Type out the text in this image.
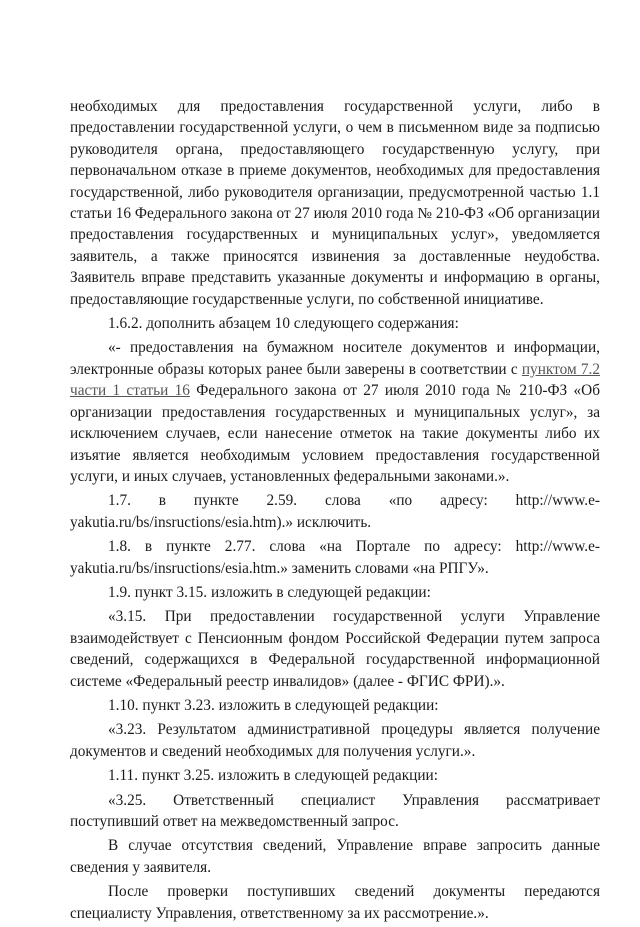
необходимых для предоставления государственной услуги, либо в предоставлении государственной услуги, о чем в письменном виде за подписью руководителя органа, предоставляющего государственную услугу, при первоначальном отказе в приеме документов, необходимых для предоставления государственной, либо руководителя организации, предусмотренной частью 1.1 статьи 16 Федерального закона от 27 июля 2010 года № 210-ФЗ «Об организации предоставления государственных и муниципальных услуг», уведомляется заявитель, а также приносятся извинения за доставленные неудобства. Заявитель вправе представить указанные документы и информацию в органы, предоставляющие государственные услуги, по собственной инициативе.

1.6.2. дополнить абзацем 10 следующего содержания:

«- предоставления на бумажном носителе документов и информации, электронные образы которых ранее были заверены в соответствии с пунктом 7.2 части 1 статьи 16 Федерального закона от 27 июля 2010 года № 210-ФЗ «Об организации предоставления государственных и муниципальных услуг», за исключением случаев, если нанесение отметок на такие документы либо их изъятие является необходимым условием предоставления государственной услуги, и иных случаев, установленных федеральными законами.».

1.7. в пункте 2.59. слова «по адресу: http://www.e-yakutia.ru/bs/insructions/esia.htm).» исключить.

1.8. в пункте 2.77. слова «на Портале по адресу: http://www.e-yakutia.ru/bs/insructions/esia.htm.» заменить словами «на РПГУ».

1.9. пункт 3.15. изложить в следующей редакции:

«3.15. При предоставлении государственной услуги Управление взаимодействует с Пенсионным фондом Российской Федерации путем запроса сведений, содержащихся в Федеральной государственной информационной системе «Федеральный реестр инвалидов» (далее - ФГИС ФРИ).».

1.10. пункт 3.23. изложить в следующей редакции:

«3.23. Результатом административной процедуры является получение документов и сведений необходимых для получения услуги.».

1.11. пункт 3.25. изложить в следующей редакции:

«3.25. Ответственный специалист Управления рассматривает поступивший ответ на межведомственный запрос.

В случае отсутствия сведений, Управление вправе запросить данные сведения у заявителя.

После проверки поступивших сведений документы передаются специалисту Управления, ответственному за их рассмотрение.».
